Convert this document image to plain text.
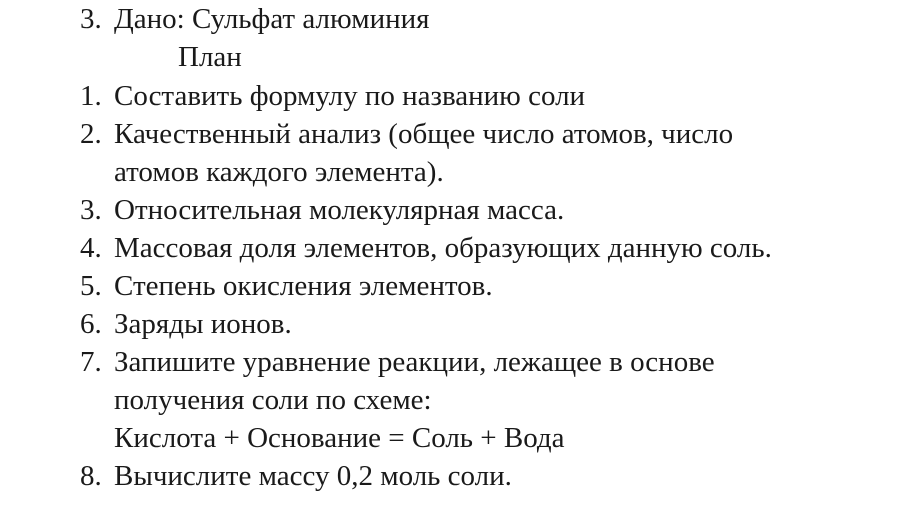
3. Дано: Сульфат алюминия

План

1. Составить формулу по названию соли

2. Качественный анализ (общее число атомов, число

атомов каждого элемента).

3. Относительная молекулярная масса.

4. Массовая доля элементов, образующих данную соль.

5. Степень окисления элементов.

6. Заряды ионов.

7. Запишите уравнение реакции, лежащее в основе

получения соли по схеме:

Кислота + Основание = Соль + Вода

8. Вычислите массу 0,2 моль соли.
